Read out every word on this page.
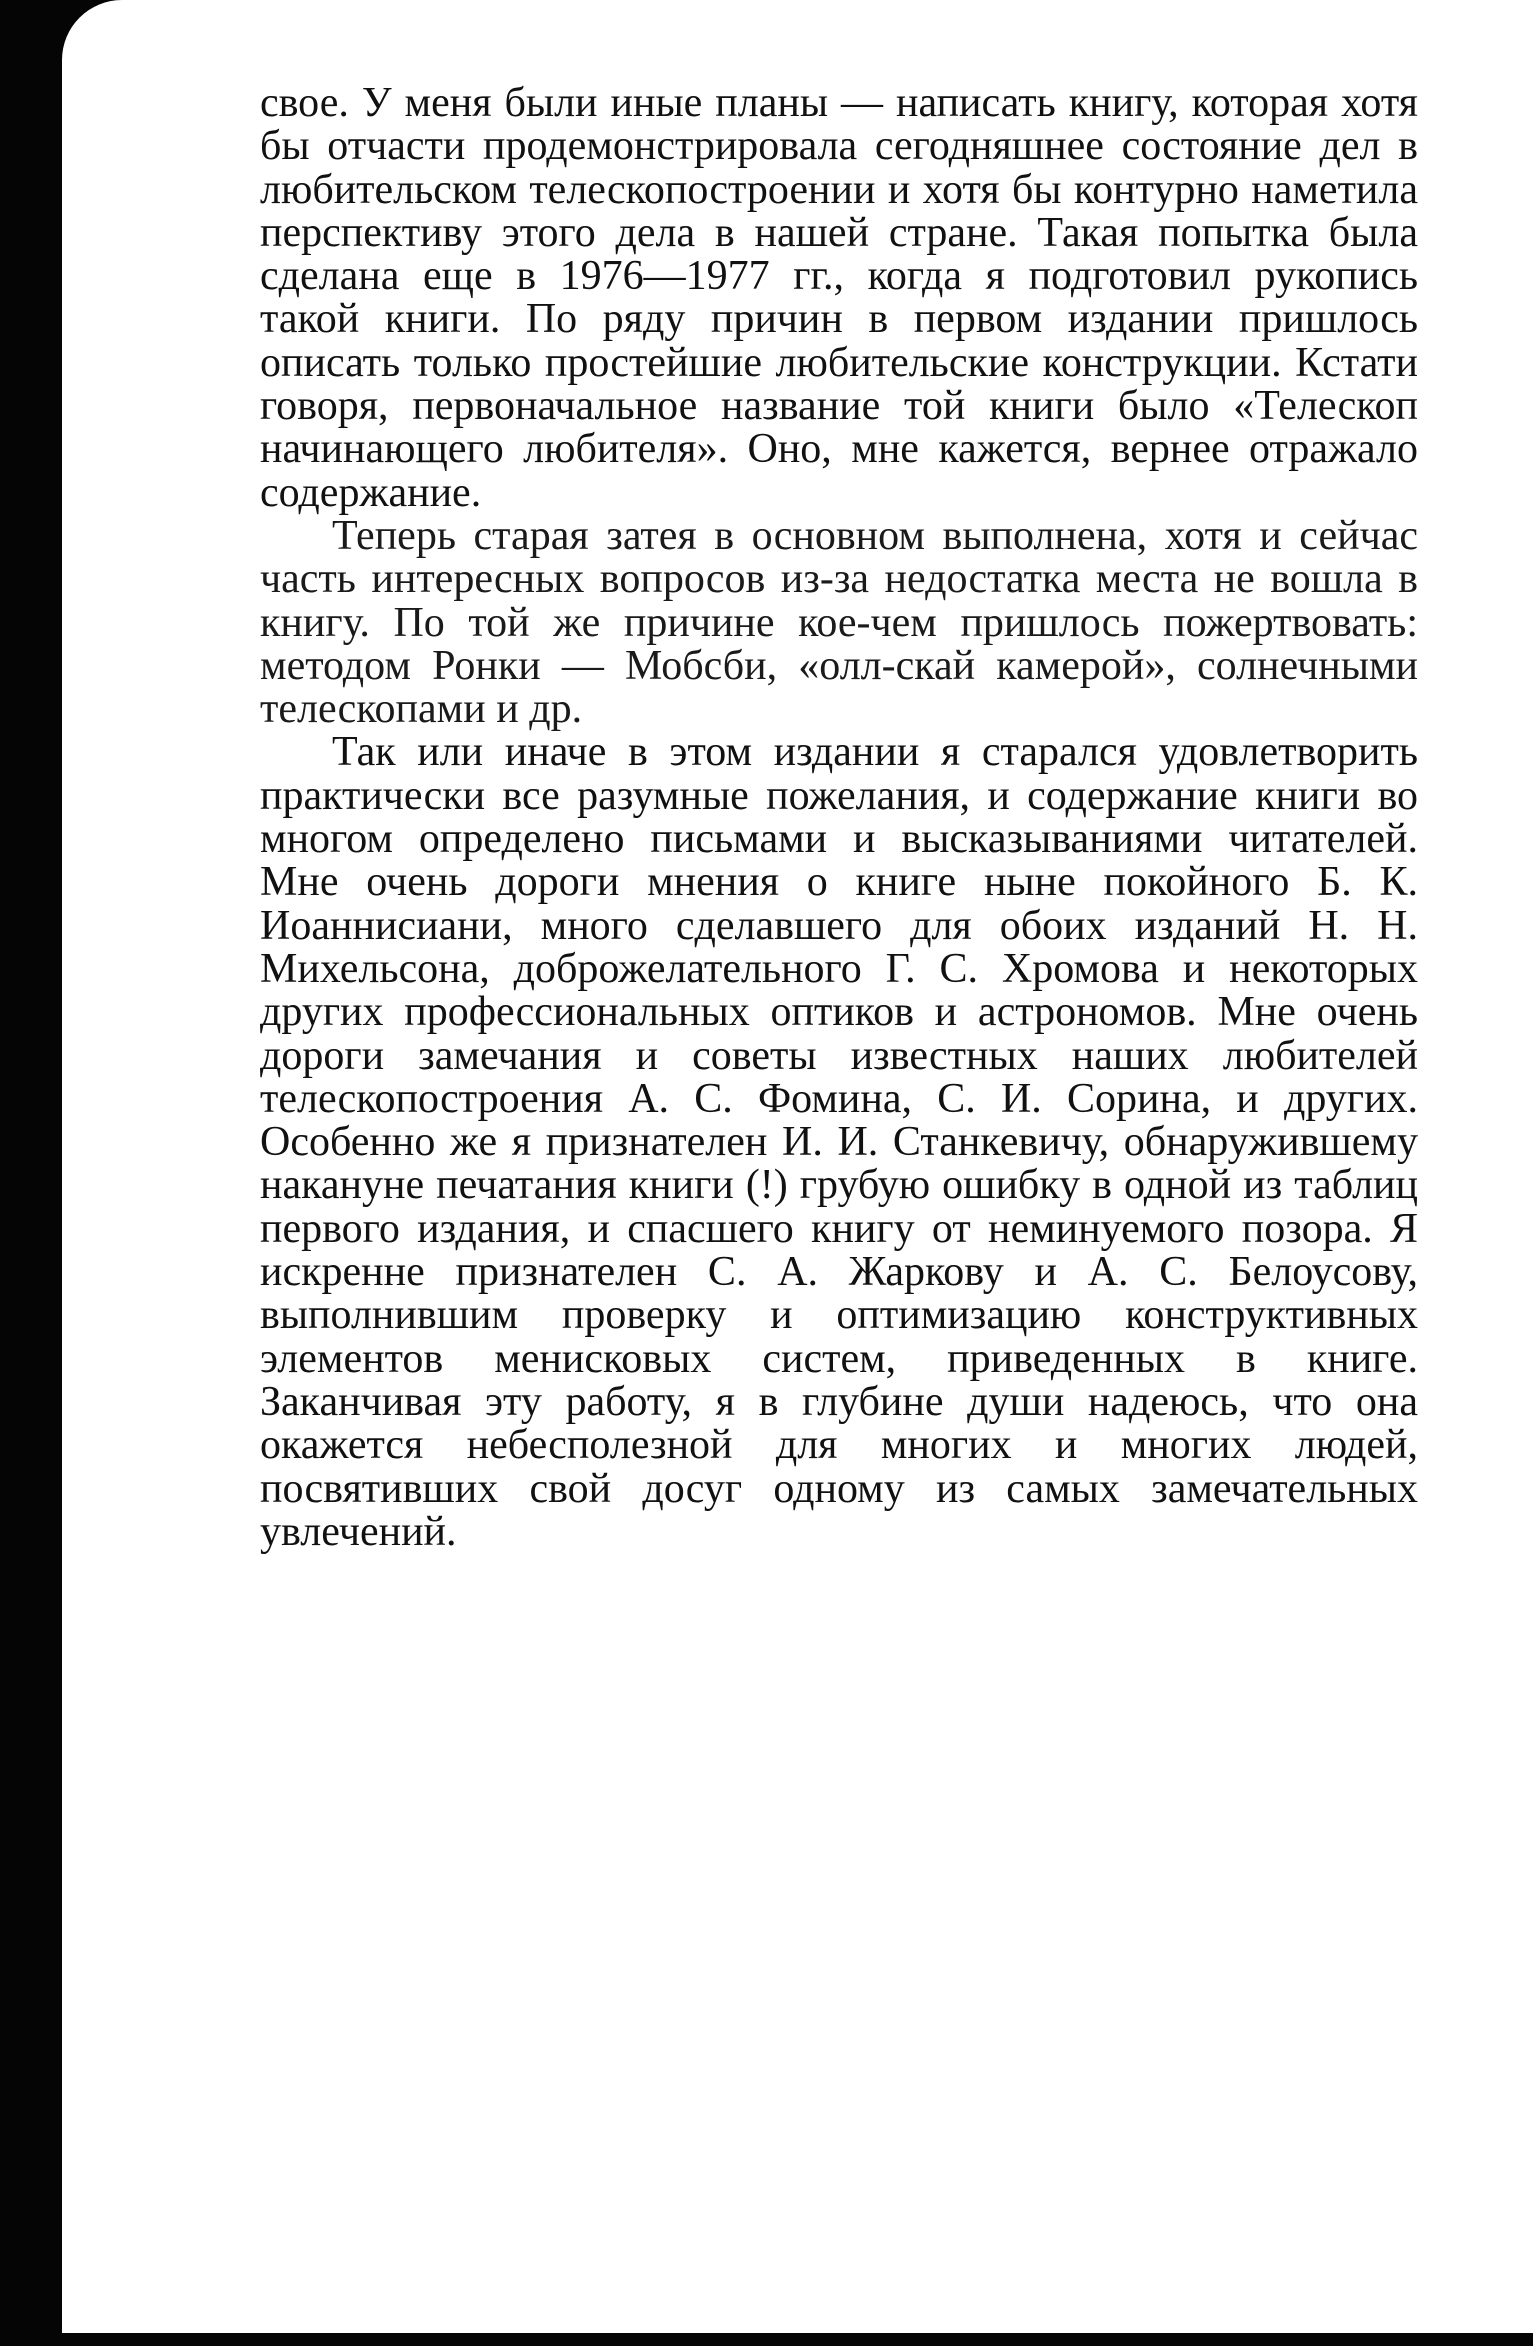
свое. У меня были иные планы — написать книгу, которая хотя бы отчасти продемонстрировала сегодняшнее состояние дел в любительском телескопостроении и хотя бы контурно наметила перспективу этого дела в нашей стране. Такая попытка была сделана еще в 1976—1977 гг., когда я подготовил рукопись такой книги. По ряду причин в первом издании пришлось описать только простейшие любительские конструкции. Кстати говоря, первоначальное название той книги было «Телескоп начинающего любителя». Оно, мне кажется, вернее отражало содержание.

Теперь старая затея в основном выполнена, хотя и сейчас часть интересных вопросов из-за недостатка места не вошла в книгу. По той же причине кое-чем пришлось пожертвовать: методом Ронки — Мобсби, «олл-скай камерой», солнечными телескопами и др.

Так или иначе в этом издании я старался удовлетворить практически все разумные пожелания, и содержание книги во многом определено письмами и высказываниями читателей. Мне очень дороги мнения о книге ныне покойного Б. К. Иоаннисиани, много сделавшего для обоих изданий Н. Н. Михельсона, доброжелательного Г. С. Хромова и некоторых других профессиональных оптиков и астрономов. Мне очень дороги замечания и советы известных наших любителей телескопостроения А. С. Фомина, С. И. Сорина, и других. Особенно же я признателен И. И. Станкевичу, обнаружившему накануне печатания книги (!) грубую ошибку в одной из таблиц первого издания, и спасшего книгу от неминуемого позора. Я искренне признателен С. А. Жаркову и А. С. Белоусову, выполнившим проверку и оптимизацию конструктивных элементов менисковых систем, приведенных в книге. Заканчивая эту работу, я в глубине души надеюсь, что она окажется небесполезной для многих и многих людей, посвятивших свой досуг одному из самых замечательных увлечений.
